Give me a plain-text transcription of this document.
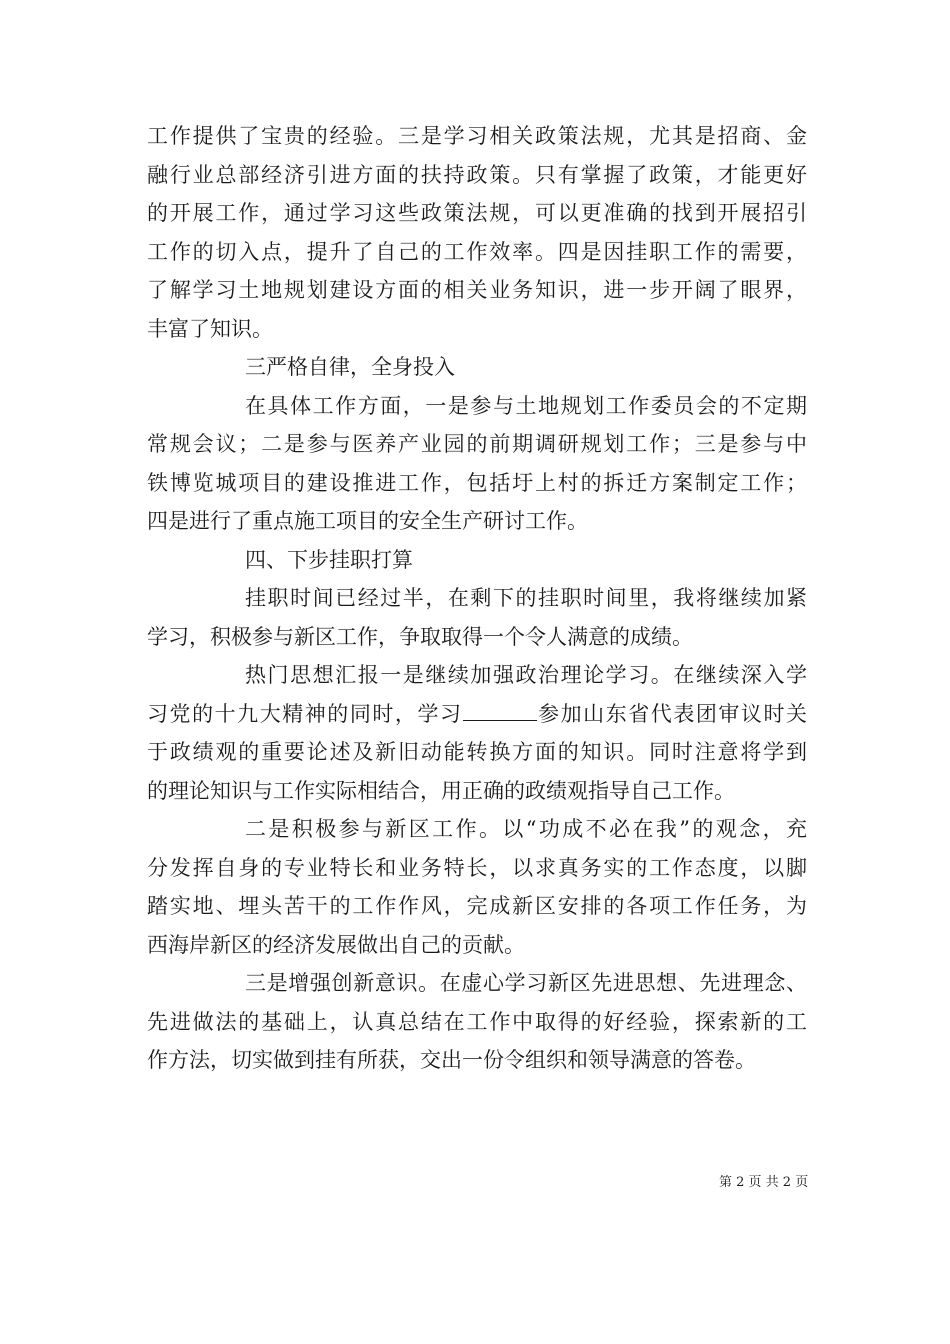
工作提供了宝贵的经验。三是学习相关政策法规，尤其是招商、金
融行业总部经济引进方面的扶持政策。只有掌握了政策，才能更好
的开展工作，通过学习这些政策法规，可以更准确的找到开展招引
工作的切入点，提升了自己的工作效率。四是因挂职工作的需要，
了解学习土地规划建设方面的相关业务知识，进一步开阔了眼界，
丰富了知识。
三严格自律，全身投入
在具体工作方面，一是参与土地规划工作委员会的不定期
常规会议；二是参与医养产业园的前期调研规划工作；三是参与中
铁博览城项目的建设推进工作，包括圩上村的拆迁方案制定工作；
四是进行了重点施工项目的安全生产研讨工作。
四、下步挂职打算
挂职时间已经过半，在剩下的挂职时间里，我将继续加紧
学习，积极参与新区工作，争取取得一个令人满意的成绩。
热门思想汇报一是继续加强政治理论学习。在继续深入学
习党的十九大精神的同时，学习	参加山东省代表团审议时关
于政绩观的重要论述及新旧动能转换方面的知识。同时注意将学到
的理论知识与工作实际相结合，用正确的政绩观指导自己工作。
二是积极参与新区工作。以“功成不必在我”的观念，充
分发挥自身的专业特长和业务特长，以求真务实的工作态度，以脚
踏实地、埋头苦干的工作作风，完成新区安排的各项工作任务，为
西海岸新区的经济发展做出自己的贡献。
三是增强创新意识。在虚心学习新区先进思想、先进理念、
先进做法的基础上，认真总结在工作中取得的好经验，探索新的工
作方法，切实做到挂有所获，交出一份令组织和领导满意的答卷。
第 2 页 共 2 页
